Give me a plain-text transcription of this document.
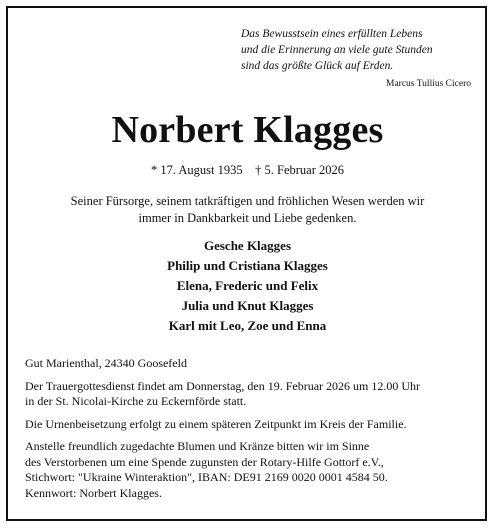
Das Bewusstsein eines erfüllten Lebens
und die Erinnerung an viele gute Stunden
sind das größte Glück auf Erden.
Marcus Tullius Cicero
Norbert Klagges
* 17. August 1935    † 5. Februar 2026
Seiner Fürsorge, seinem tatkräftigen und fröhlichen Wesen werden wir
immer in Dankbarkeit und Liebe gedenken.
Gesche Klagges
Philip und Cristiana Klagges
Elena, Frederic und Felix
Julia und Knut Klagges
Karl mit Leo, Zoe und Enna
Gut Marienthal, 24340 Goosefeld
Der Trauergottesdienst findet am Donnerstag, den 19. Februar 2026 um 12.00 Uhr
in der St. Nicolai-Kirche zu Eckernförde statt.
Die Urnenbeisetzung erfolgt zu einem späteren Zeitpunkt im Kreis der Familie.
Anstelle freundlich zugedachte Blumen und Kränze bitten wir im Sinne
des Verstorbenen um eine Spende zugunsten der Rotary-Hilfe Gottorf e.V.,
Stichwort: "Ukraine Winteraktion", IBAN: DE91 2169 0020 0001 4584 50.
Kennwort: Norbert Klagges.
